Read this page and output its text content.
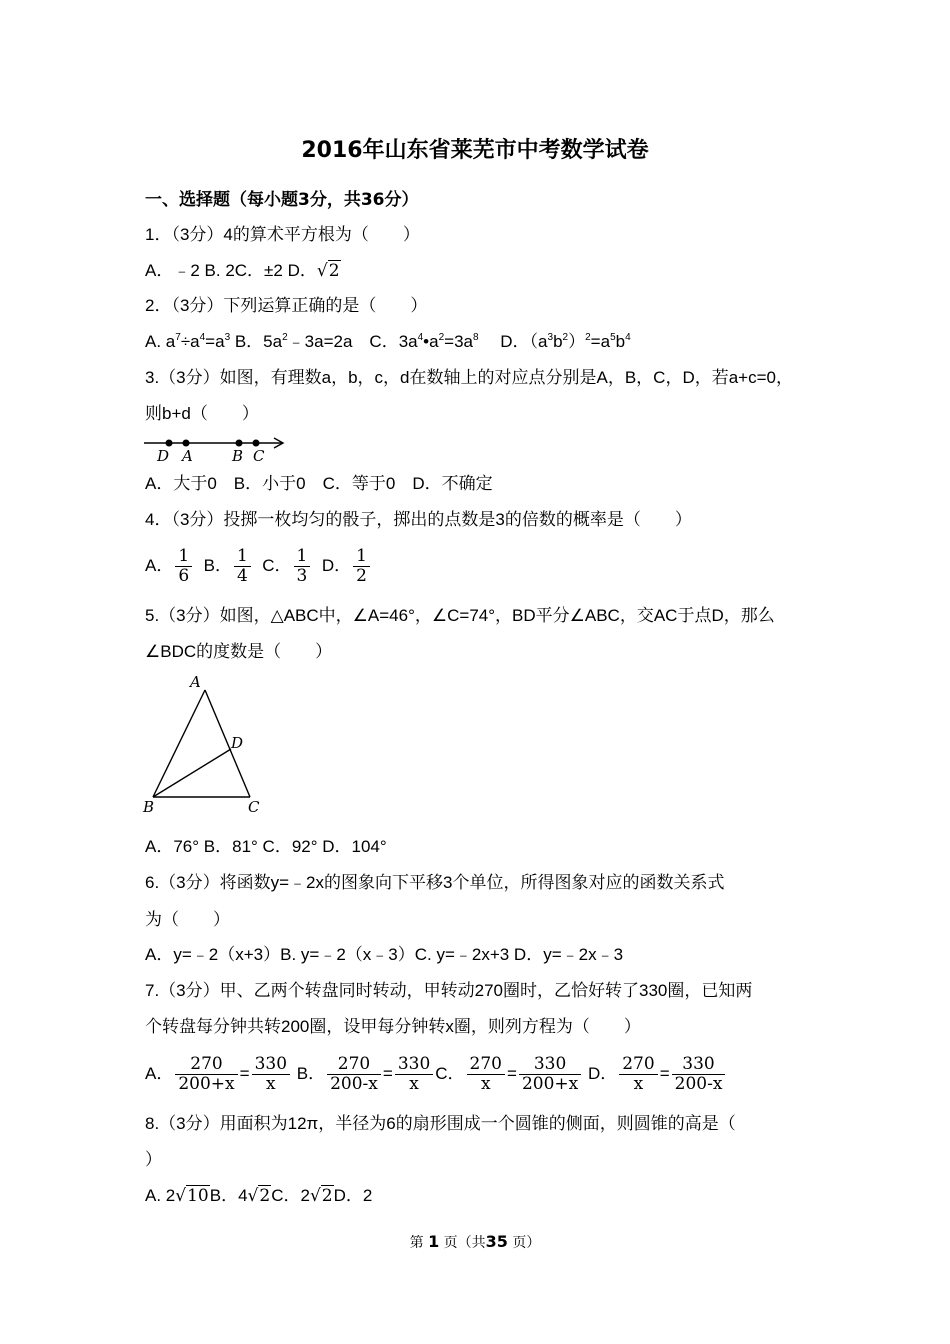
2016年山东省莱芜市中考数学试卷
一、选择题（每小题3分，共36分）
1．（3分）4的算术平方根为（　　）
A．﹣2 B. 2C．±2 D．√2
2．（3分）下列运算正确的是（　　）
A. $a^7\div a^4=a^3$ B．$5a^2﹣3a=2a$　C．$3a^4•a^2=3a^8$　 D．$(a^3b^2)^2=a^5b^4$
3.（3分）如图，有理数a，b，c，d在数轴上的对应点分别是A，B，C，D，若a+c=0，
则b+d（　　）
D A	B C
A．大于0　B．小于0　C．等于0　D．不确定
4．（3分）投掷一枚均匀的骰子，掷出的点数是3的倍数的概率是（　　）
A． $\frac{1}{6}$ B． $\frac{1}{4}$ C． $\frac{1}{3}$ D． $\frac{1}{2}$
5.（3分）如图，△ABC中，∠A=46°，∠C=74°，BD平分∠ABC，交AC于点D，那么
∠BDC的度数是（　　）
A
D
B	C
A．76° B．81° C．92° D．104°
6.（3分）将函数y=﹣2x的图象向下平移3个单位，所得图象对应的函数关系式
为（　　）
A．y=﹣2（x+3）B. y=﹣2（x﹣3）C. y=﹣2x+3 D．y=﹣2x﹣3
7.（3分）甲、乙两个转盘同时转动，甲转动270圈时，乙恰好转了330圈，已知两
个转盘每分钟共转200圈，设甲每分钟转x圈，则列方程为（　　）
A． $\frac{270}{200+x} = \frac{330}{x}$ B． $\frac{270}{200-x} = \frac{330}{x}$ C． $\frac{270}{x} = \frac{330}{200+x}$ D． $\frac{270}{x} = \frac{330}{200-x}$
8.（3分）用面积为12π，半径为6的扇形围成一个圆锥的侧面，则圆锥的高是（
）
A. 2√10B．4√2C．2√2D．2
第 1 页（共35 页）
